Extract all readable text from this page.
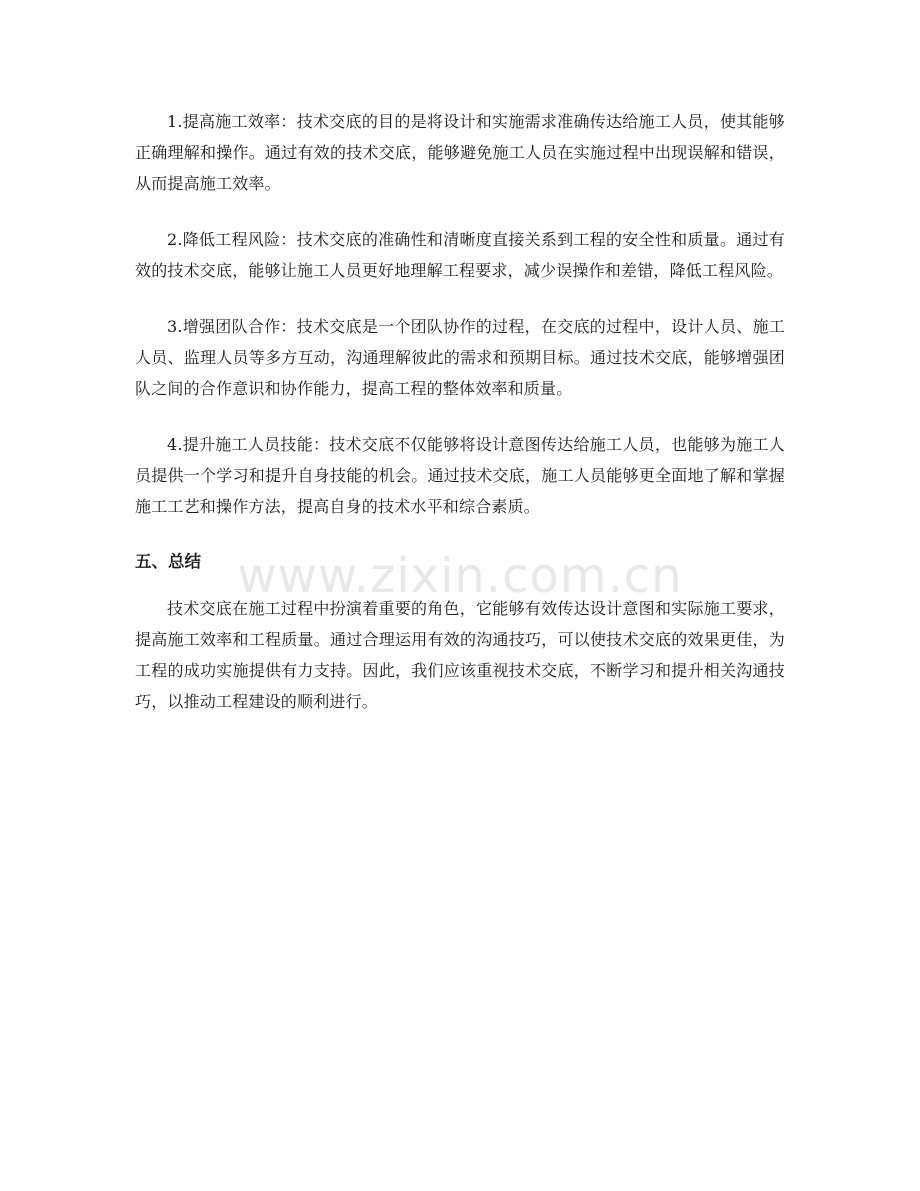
1.提高施工效率：技术交底的目的是将设计和实施需求准确传达给施工人员，使其能够正确理解和操作。通过有效的技术交底，能够避免施工人员在实施过程中出现误解和错误，从而提高施工效率。

2.降低工程风险：技术交底的准确性和清晰度直接关系到工程的安全性和质量。通过有效的技术交底，能够让施工人员更好地理解工程要求，减少误操作和差错，降低工程风险。

3.增强团队合作：技术交底是一个团队协作的过程，在交底的过程中，设计人员、施工人员、监理人员等多方互动，沟通理解彼此的需求和预期目标。通过技术交底，能够增强团队之间的合作意识和协作能力，提高工程的整体效率和质量。

4.提升施工人员技能：技术交底不仅能够将设计意图传达给施工人员，也能够为施工人员提供一个学习和提升自身技能的机会。通过技术交底，施工人员能够更全面地了解和掌握施工工艺和操作方法，提高自身的技术水平和综合素质。

五、总结

技术交底在施工过程中扮演着重要的角色，它能够有效传达设计意图和实际施工要求，提高施工效率和工程质量。通过合理运用有效的沟通技巧，可以使技术交底的效果更佳，为工程的成功实施提供有力支持。因此，我们应该重视技术交底，不断学习和提升相关沟通技巧，以推动工程建设的顺利进行。

www.zixin.com.cn
